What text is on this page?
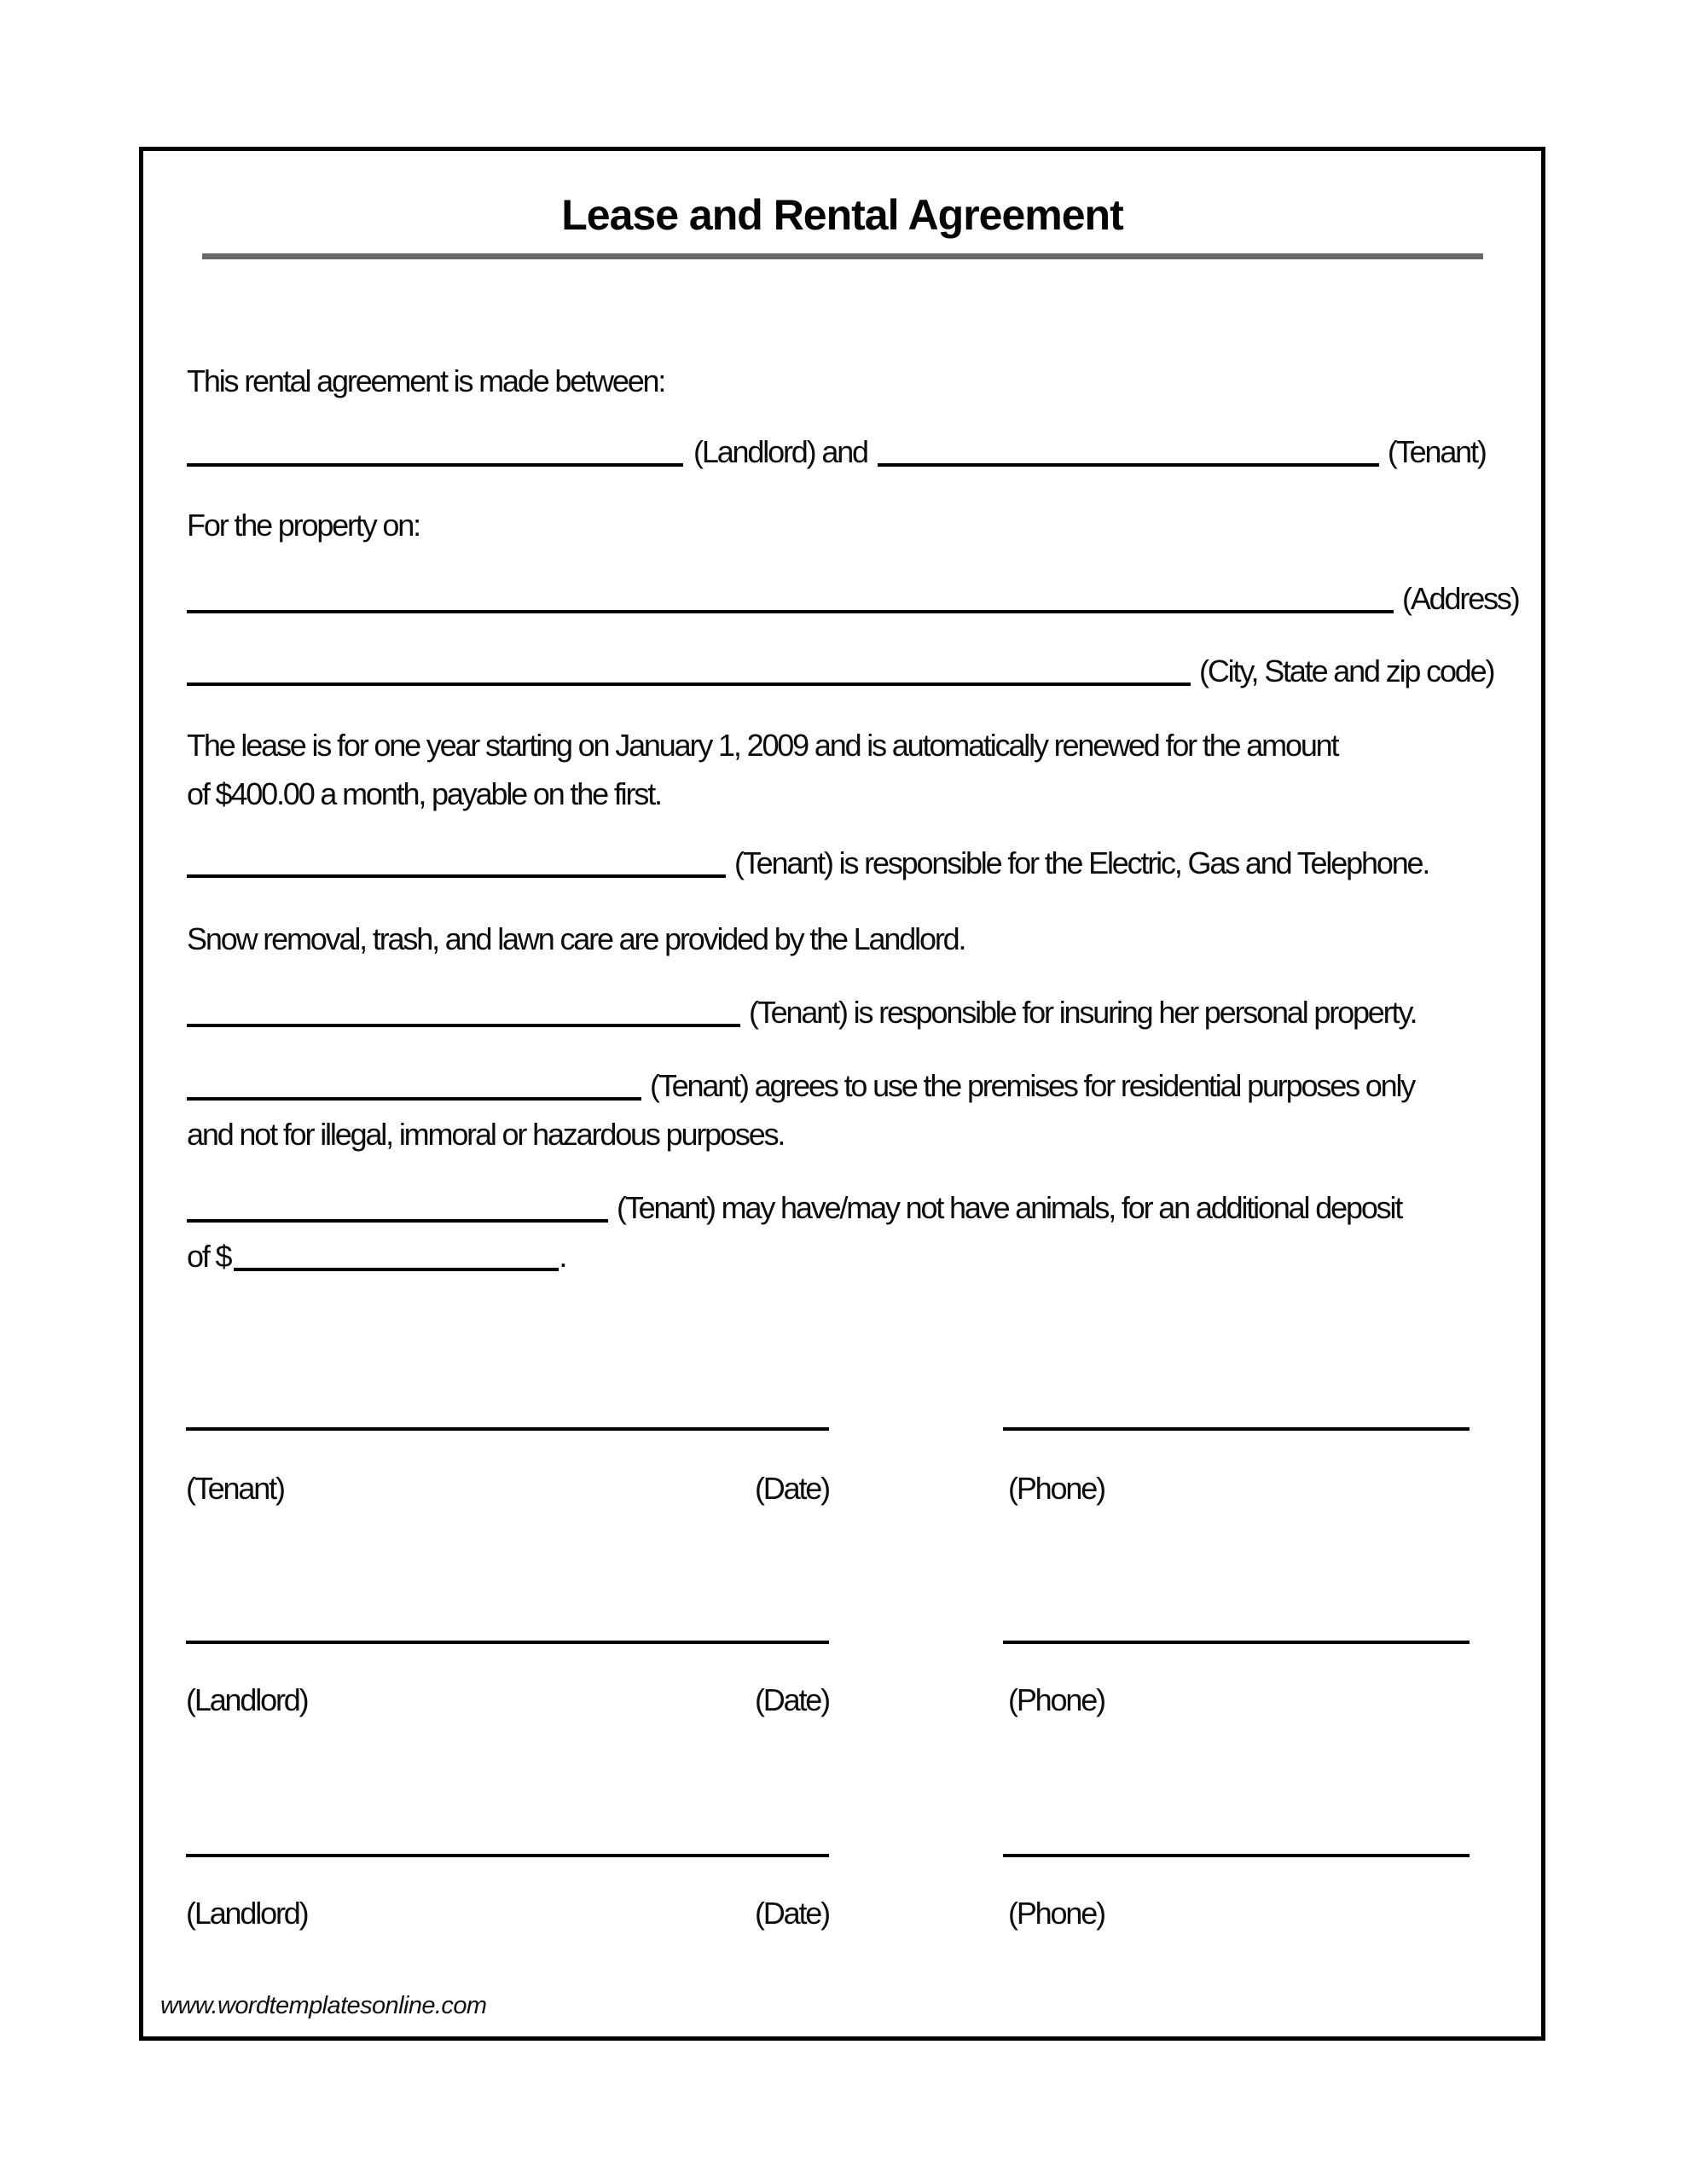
Lease and Rental Agreement
This rental agreement is made between:
(Landlord) and	(Tenant)
For the property on:
(Address)
(City, State and zip code)
The lease is for one year starting on January 1, 2009 and is automatically renewed for the amount
of $400.00 a month, payable on the first.
(Tenant) is responsible for the Electric, Gas and Telephone.
Snow removal, trash, and lawn care are provided by the Landlord.
(Tenant) is responsible for insuring her personal property.
(Tenant) agrees to use the premises for residential purposes only
and not for illegal, immoral or hazardous purposes.
(Tenant) may have/may not have animals, for an additional deposit
of $	.
(Tenant)	(Date)	(Phone)
(Landlord)	(Date)	(Phone)
(Landlord)	(Date)	(Phone)
www.wordtemplatesonline.com
